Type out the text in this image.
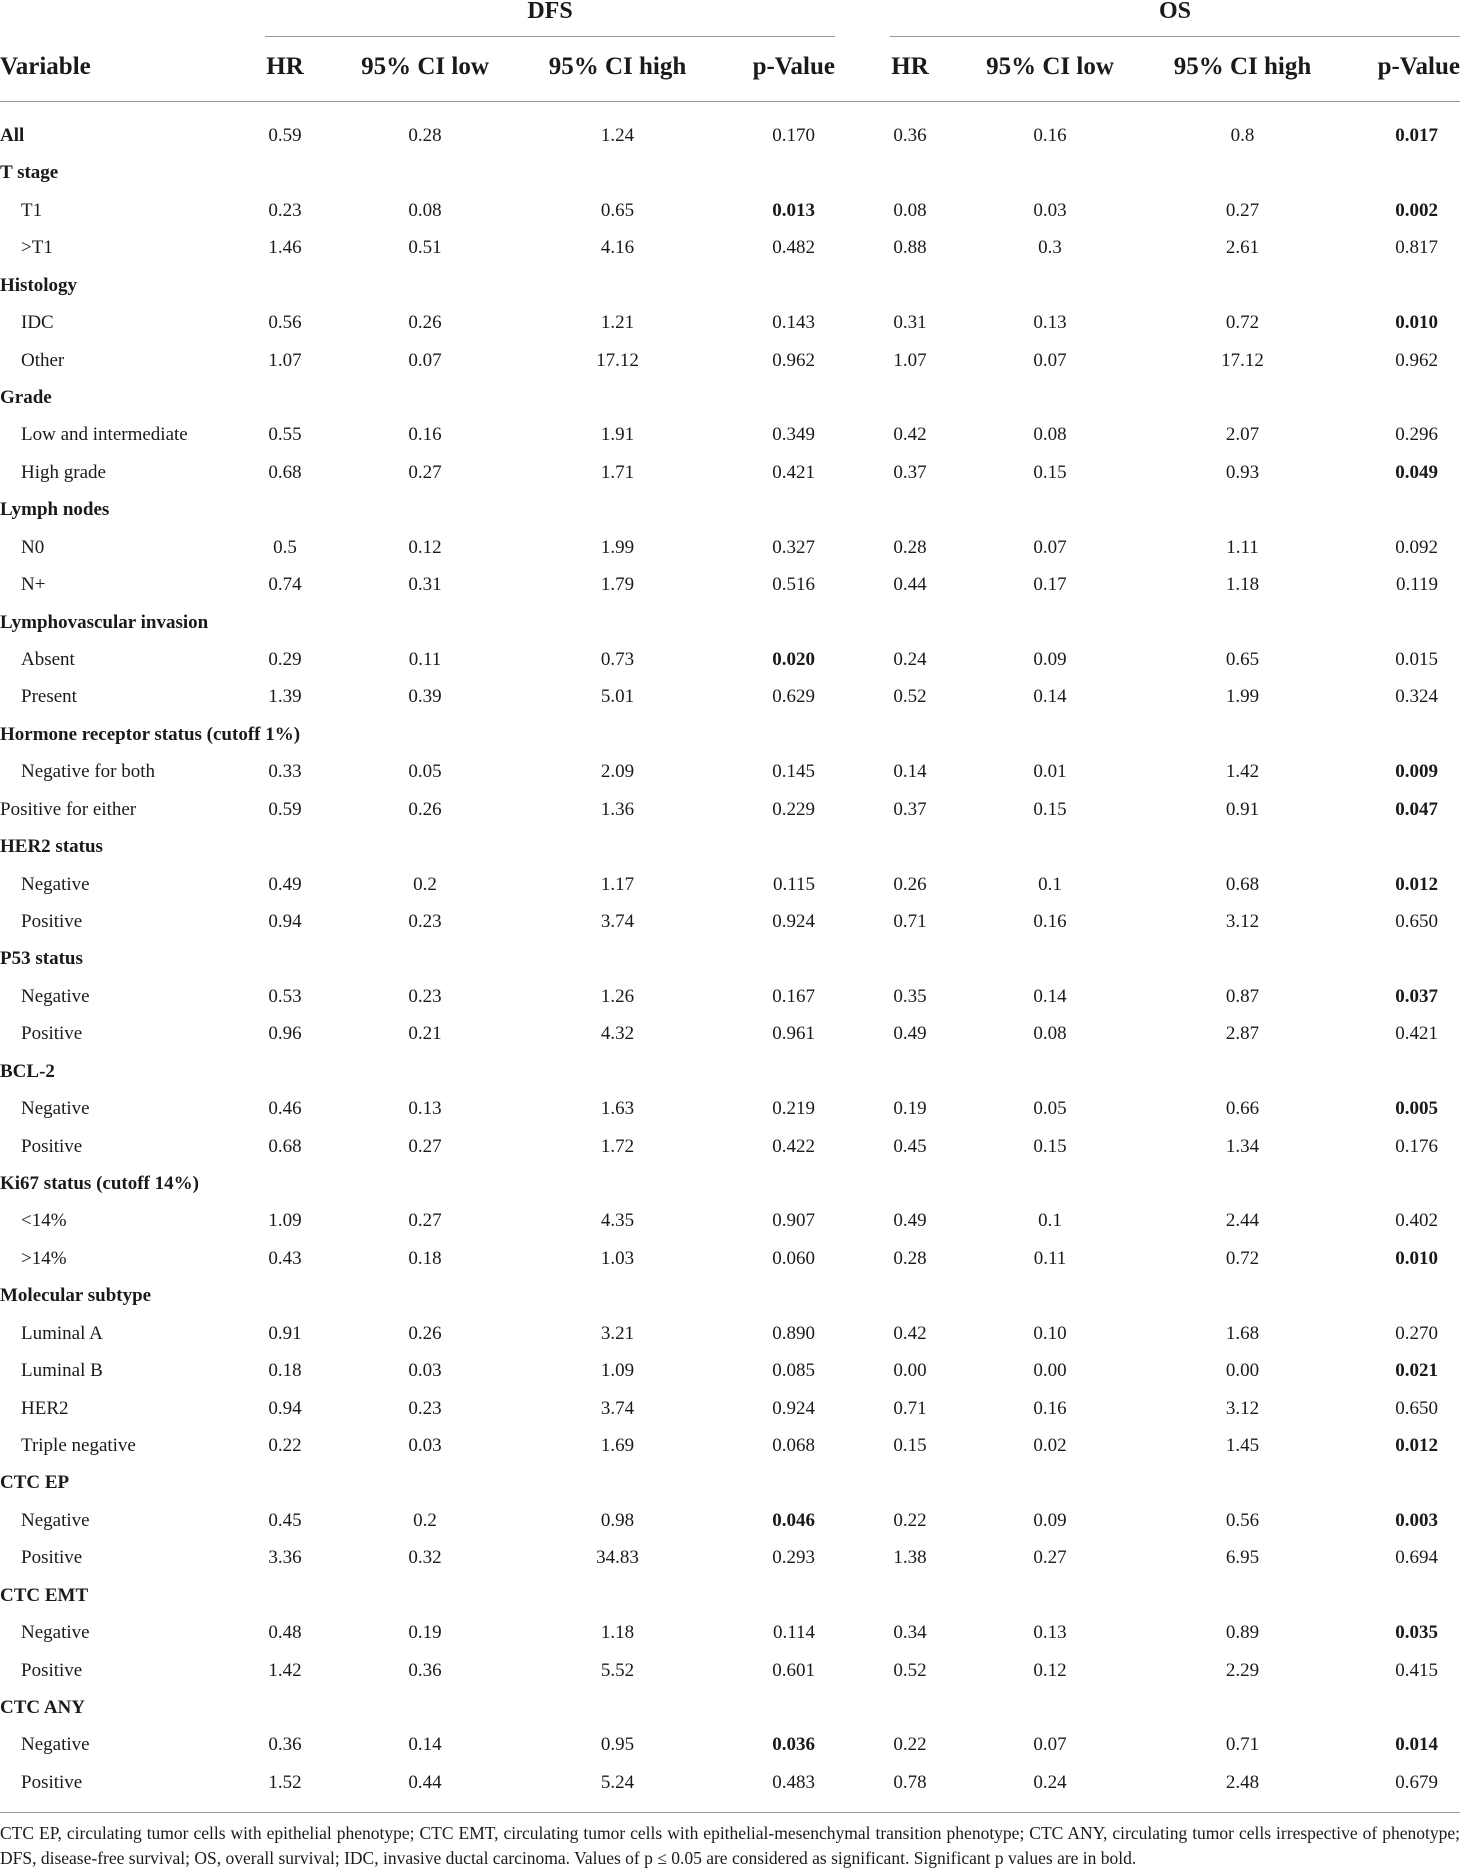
DFS	OS
Variable	HR	95% CI low	95% CI high	p-Value	HR	95% CI low	95% CI high	p-Value
All	0.59	0.28	1.24	0.170	0.36	0.16	0.8	0.017
T stage
T1	0.23	0.08	0.65	0.013	0.08	0.03	0.27	0.002
>T1	1.46	0.51	4.16	0.482	0.88	0.3	2.61	0.817
Histology
IDC	0.56	0.26	1.21	0.143	0.31	0.13	0.72	0.010
Other	1.07	0.07	17.12	0.962	1.07	0.07	17.12	0.962
Grade
Low and intermediate	0.55	0.16	1.91	0.349	0.42	0.08	2.07	0.296
High grade	0.68	0.27	1.71	0.421	0.37	0.15	0.93	0.049
Lymph nodes
N0	0.5	0.12	1.99	0.327	0.28	0.07	1.11	0.092
N+	0.74	0.31	1.79	0.516	0.44	0.17	1.18	0.119
Lymphovascular invasion
Absent	0.29	0.11	0.73	0.020	0.24	0.09	0.65	0.015
Present	1.39	0.39	5.01	0.629	0.52	0.14	1.99	0.324
Hormone receptor status (cutoff 1%)
Negative for both	0.33	0.05	2.09	0.145	0.14	0.01	1.42	0.009
Positive for either	0.59	0.26	1.36	0.229	0.37	0.15	0.91	0.047
HER2 status
Negative	0.49	0.2	1.17	0.115	0.26	0.1	0.68	0.012
Positive	0.94	0.23	3.74	0.924	0.71	0.16	3.12	0.650
P53 status
Negative	0.53	0.23	1.26	0.167	0.35	0.14	0.87	0.037
Positive	0.96	0.21	4.32	0.961	0.49	0.08	2.87	0.421
BCL-2
Negative	0.46	0.13	1.63	0.219	0.19	0.05	0.66	0.005
Positive	0.68	0.27	1.72	0.422	0.45	0.15	1.34	0.176
Ki67 status (cutoff 14%)
<14%	1.09	0.27	4.35	0.907	0.49	0.1	2.44	0.402
>14%	0.43	0.18	1.03	0.060	0.28	0.11	0.72	0.010
Molecular subtype
Luminal A	0.91	0.26	3.21	0.890	0.42	0.10	1.68	0.270
Luminal B	0.18	0.03	1.09	0.085	0.00	0.00	0.00	0.021
HER2	0.94	0.23	3.74	0.924	0.71	0.16	3.12	0.650
Triple negative	0.22	0.03	1.69	0.068	0.15	0.02	1.45	0.012
CTC EP
Negative	0.45	0.2	0.98	0.046	0.22	0.09	0.56	0.003
Positive	3.36	0.32	34.83	0.293	1.38	0.27	6.95	0.694
CTC EMT
Negative	0.48	0.19	1.18	0.114	0.34	0.13	0.89	0.035
Positive	1.42	0.36	5.52	0.601	0.52	0.12	2.29	0.415
CTC ANY
Negative	0.36	0.14	0.95	0.036	0.22	0.07	0.71	0.014
Positive	1.52	0.44	5.24	0.483	0.78	0.24	2.48	0.679
CTC EP, circulating tumor cells with epithelial phenotype; CTC EMT, circulating tumor cells with epithelial-mesenchymal transition phenotype; CTC ANY, circulating tumor cells irrespective of phenotype; DFS, disease-free survival; OS, overall survival; IDC, invasive ductal carcinoma. Values of p ≤ 0.05 are considered as significant. Significant p values are in bold.
